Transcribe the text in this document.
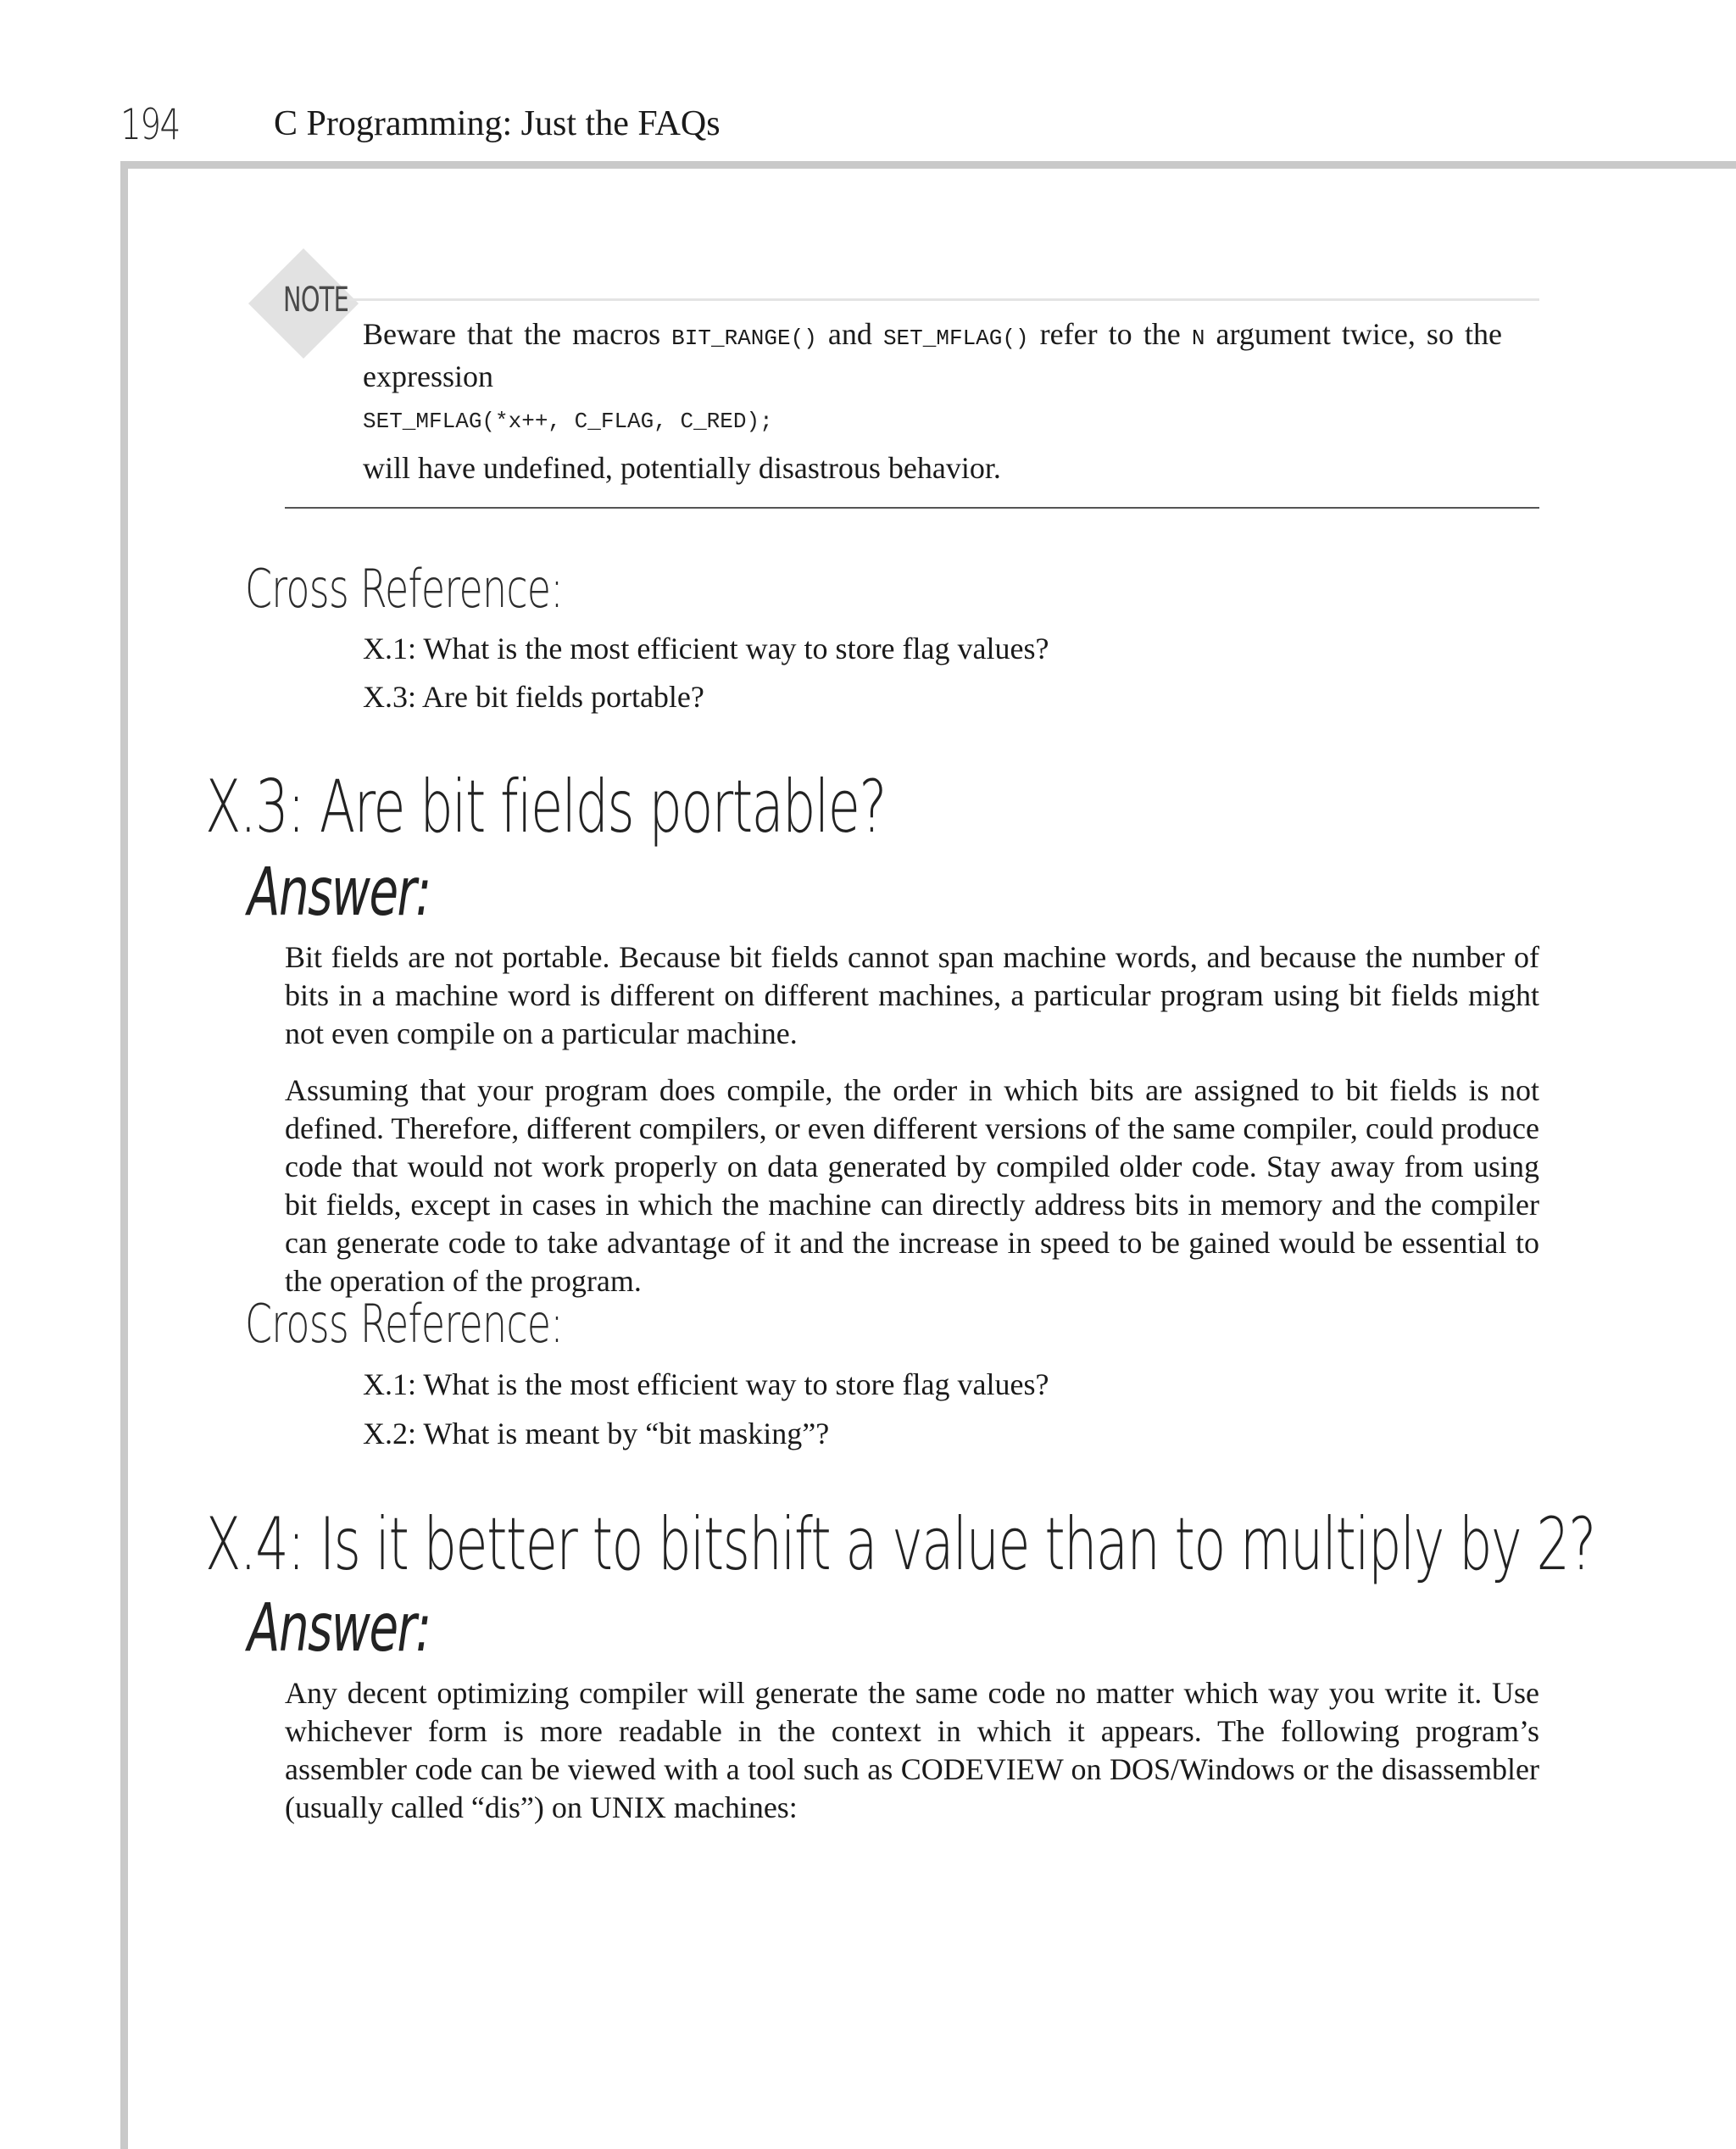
194	C Programming: Just the FAQs
NOTE
Beware that the macros BIT_RANGE() and SET_MFLAG() refer to the N argument twice, so the expression
SET_MFLAG(*x++, C_FLAG, C_RED);
will have undefined, potentially disastrous behavior.
Cross Reference:
X.1: What is the most efficient way to store flag values?
X.3: Are bit fields portable?
X.3: Are bit fields portable?
Answer:
Bit fields are not portable. Because bit fields cannot span machine words, and because the number of bits in a machine word is different on different machines, a particular program using bit fields might not even compile on a particular machine.
Assuming that your program does compile, the order in which bits are assigned to bit fields is not defined. Therefore, different compilers, or even different versions of the same compiler, could produce code that would not work properly on data generated by compiled older code. Stay away from using bit fields, except in cases in which the machine can directly address bits in memory and the compiler can generate code to take advantage of it and the increase in speed to be gained would be essential to the operation of the program.
Cross Reference:
X.1: What is the most efficient way to store flag values?
X.2: What is meant by “bit masking”?
X.4: Is it better to bitshift a value than to multiply by 2?
Answer:
Any decent optimizing compiler will generate the same code no matter which way you write it. Use whichever form is more readable in the context in which it appears. The following program’s assembler code can be viewed with a tool such as CODEVIEW on DOS/Windows or the disassembler (usually called “dis”) on UNIX machines:
